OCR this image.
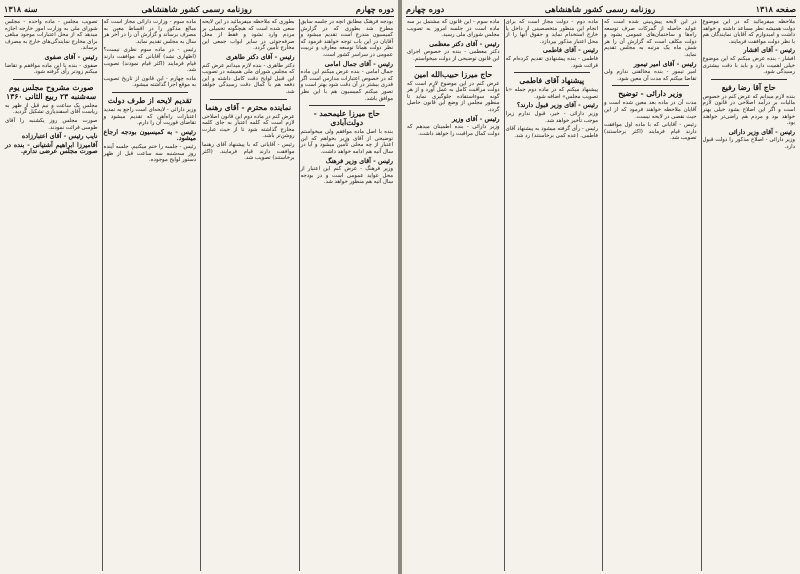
دوره چهارم
روزنامه رسمی کشور شاهنشاهی
سنه ۱۳۱۸

بودجه فرهنگ مطابق آنچه در جلسه سابق مطرح شد بطوری که در گزارش کمیسیون مندرج است تقدیم میشود و آقایان در این باب توجه خواهند فرمود که نظر دولت همانا توسعه معارف و تربیت عمومی در سراسر کشور است.

رئیس - آقای جمال امامی

جمال امامی - بنده عرض میکنم این ماده که در خصوص اعتبارات مدارس است اگر قدری بیشتر در آن دقت شود بهتر است و تصور میکنم کمیسیون هم با این نظر موافق باشد.

حاج میرزا علیمحمد - دولت‌آبادی

بنده با اصل ماده موافقم ولی میخواستم توضیحی از آقای وزیر بخواهم که این اعتبار از چه محلی تأمین میشود و آیا در سال آتیه هم ادامه خواهد داشت.

رئیس - آقای وزیر فرهنگ

وزیر فرهنگ - عرض کنم این اعتبار از محل عواید عمومی است و در بودجه سال آتیه هم منظور خواهد شد.

بطوری که ملاحظه میفرمائید در این لایحه سعی شده است که هیچگونه تحمیلی بر مردم وارد نشود و فقط از محل صرفه‌جوئی در سایر ابواب جمعی این مخارج تأمین گردد.

رئیس - آقای دکتر طاهری

دکتر طاهری - بنده لازم میدانم عرض کنم که مجلس شورای ملی همیشه در تصویب این قبیل لوایح دقت کامل داشته و این دفعه هم با کمال دقت رسیدگی خواهد شد.

نماینده محترم - آقای رهنما

عرض کنم در ماده دوم این قانون اصلاحی لازم است که کلمه اعتبار به جای کلمه مخارج گذاشته شود تا از حیث عبارت روشن‌تر باشد.

رئیس - آقایانی که با پیشنهاد آقای رهنما موافقت دارند قیام فرمایند. (اکثر برخاستند) تصویب شد.

ماده سوم - وزارت دارائی مجاز است که مبالغ مذکور را در اقساط معین به مصرف برساند و گزارش آن را در آخر هر سال به مجلس تقدیم نماید.

رئیس - در ماده سوم نظری نیست؟ (اظهاری نشد) آقایانی که موافقت دارند قیام فرمایند (اکثر قیام نمودند) تصویب شد.

ماده چهارم - این قانون از تاریخ تصویب به موقع اجرا گذاشته میشود.

تقدیم لایحه از طرف دولت

وزیر دارائی - لایحه‌ای است راجع به تمدید اعتبارات راه‌آهن که تقدیم میشود و تقاضای فوریت آن را دارم.

رئیس - به کمیسیون بودجه ارجاع میشود.

رئیس - جلسه را ختم میکنیم. جلسه آینده روز سه‌شنبه سه ساعت قبل از ظهر دستور لوایح موجوده.

تصویب مجلس - ماده واحده - مجلس شورای ملی به وزارت امور خارجه اجازه میدهد که از محل اعتبارات موجود مبلغی برای مخارج نمایندگی‌های خارج به مصرف برساند.

رئیس - آقای صفوی

صفوی - بنده با این ماده موافقم و تقاضا میکنم زودتر رأی گرفته شود.

صورت مشروح مجلس یوم سه‌شنبه ۲۳ ربیع الثانی ۱۳۶۰

مجلس یک ساعت و نیم قبل از ظهر به ریاست آقای اسفندیاری تشکیل گردید.

صورت مجلس روز یکشنبه را آقای طوسی قرائت نمودند.

نایب رئیس - آقای اعتبارزاده

آقامیرزا ابراهیم آشتیانی - بنده در صورت مجلس عرضی ندارم.

صفحه ۱۳۱۸
روزنامه رسمی کشور شاهنشاهی
دوره چهارم

ملاحظه میفرمائید که در این موضوع دولت همیشه نظر مساعد داشته و خواهد داشت و امیدوارم که آقایان نمایندگان هم با نظر دولت موافقت فرمایند.

رئیس - آقای افشار

افشار - بنده عرض میکنم که این موضوع خیلی اهمیت دارد و باید با دقت بیشتری رسیدگی شود.

حاج آقا رضا رفیع

بنده لازم میدانم که عرض کنم در خصوص مالیات بر درآمد اصلاحی در قانون لازم است و اگر این اصلاح بشود خیلی بهتر خواهد بود و مردم هم راضی‌تر خواهند بود.

رئیس - آقای وزیر دارائی

وزیر دارائی - اصلاح مذکور را دولت قبول دارد.

در این لایحه پیش‌بینی شده است که عواید حاصله از گمرکات صرف توسعه راه‌ها و ساختمان‌های عمومی بشود و دولت مکلف است که گزارش آن را هر شش ماه یک مرتبه به مجلس تقدیم نماید.

رئیس - آقای امیر تیمور

امیر تیمور - بنده مخالفتی ندارم ولی تقاضا میکنم که مدت آن معین شود.

وزیر دارائی - توضیح

مدت آن در ماده بعد معین شده است و آقایان ملاحظه خواهند فرمود که از این حیث نقصی در لایحه نیست.

رئیس - آقایانی که با ماده اول موافقت دارند قیام فرمایند (اکثر برخاستند) تصویب شد.

ماده دوم - دولت مجاز است که برای انجام این منظور متخصصینی از داخل یا خارج استخدام نماید و حقوق آنها را از محل اعتبار مذکور بپردازد.

رئیس - آقای فاطمی

فاطمی - بنده پیشنهادی تقدیم کرده‌ام که قرائت شود.

پیشنهاد آقای فاطمی

پیشنهاد میکنم که در ماده دوم جمله «با تصویب مجلس» اضافه شود.

رئیس - آقای وزیر قبول دارند؟

وزیر دارائی - خیر، قبول ندارم زیرا موجب تأخیر خواهد شد.

رئیس - رأی گرفته میشود به پیشنهاد آقای فاطمی. (عده کمی برخاستند) رد شد.

ماده سوم - این قانون که مشتمل بر سه ماده است در جلسه امروز به تصویب مجلس شورای ملی رسید.

رئیس - آقای دکتر معظمی

دکتر معظمی - بنده در خصوص اجرای این قانون توضیحی از دولت میخواستم.

حاج میرزا حبیب‌الله امین

عرض کنم در این موضوع لازم است که دولت مراقبت کامل به عمل آورد و از هر گونه سوءاستفاده جلوگیری نماید تا منظور مجلس از وضع این قانون حاصل گردد.

رئیس - آقای وزیر

وزیر دارائی - بنده اطمینان میدهم که دولت کمال مراقبت را خواهد داشت.
